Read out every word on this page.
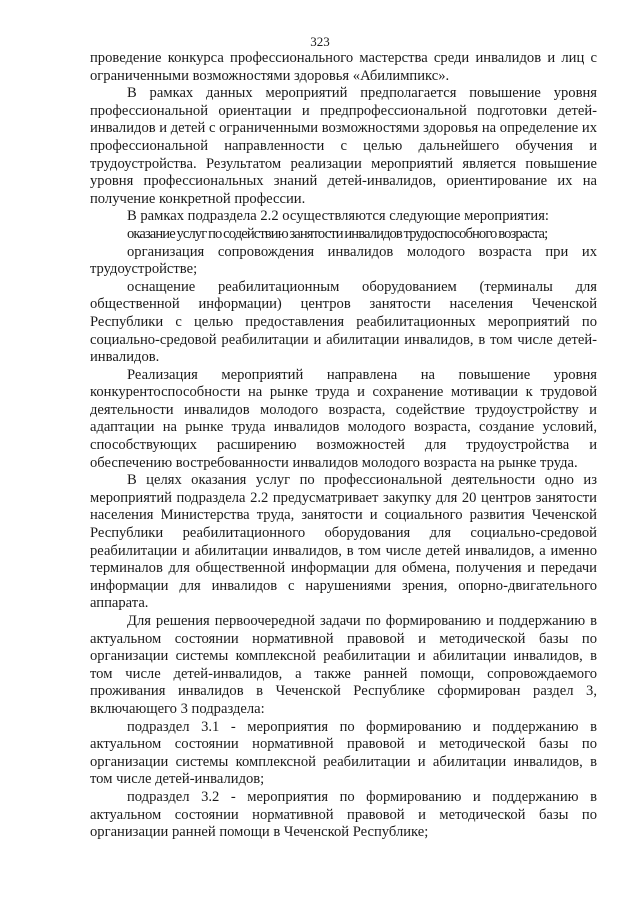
323

проведение конкурса профессионального мастерства среди инвалидов и лиц с ограниченными возможностями здоровья «Абилимпикс».

В рамках данных мероприятий предполагается повышение уровня профессиональной ориентации и предпрофессиональной подготовки детей-инвалидов и детей с ограниченными возможностями здоровья на определение их профессиональной направленности с целью дальнейшего обучения и трудоустройства. Результатом реализации мероприятий является повышение уровня профессиональных знаний детей-инвалидов, ориентирование их на получение конкретной профессии.

В рамках подраздела 2.2 осуществляются следующие мероприятия:

оказание услуг по содействию занятости инвалидов трудоспособного возраста;

организация сопровождения инвалидов молодого возраста при их трудоустройстве;

оснащение реабилитационным оборудованием (терминалы для общественной информации) центров занятости населения Чеченской Республики с целью предоставления реабилитационных мероприятий по социально-средовой реабилитации и абилитации инвалидов, в том числе детей-инвалидов.

Реализация мероприятий направлена на повышение уровня конкурентоспособности на рынке труда и сохранение мотивации к трудовой деятельности инвалидов молодого возраста, содействие трудоустройству и адаптации на рынке труда инвалидов молодого возраста, создание условий, способствующих расширению возможностей для трудоустройства и обеспечению востребованности инвалидов молодого возраста на рынке труда.

В целях оказания услуг по профессиональной деятельности одно из мероприятий подраздела 2.2 предусматривает закупку для 20 центров занятости населения Министерства труда, занятости и социального развития Чеченской Республики реабилитационного оборудования для социально-средовой реабилитации и абилитации инвалидов, в том числе детей инвалидов, а именно терминалов для общественной информации для обмена, получения и передачи информации для инвалидов с нарушениями зрения, опорно-двигательного аппарата.

Для решения первоочередной задачи по формированию и поддержанию в актуальном состоянии нормативной правовой и методической базы по организации системы комплексной реабилитации и абилитации инвалидов, в том числе детей-инвалидов, а также ранней помощи, сопровождаемого проживания инвалидов в Чеченской Республике сформирован раздел 3, включающего 3 подраздела:

подраздел 3.1 - мероприятия по формированию и поддержанию в актуальном состоянии нормативной правовой и методической базы по организации системы комплексной реабилитации и абилитации инвалидов, в том числе детей-инвалидов;

подраздел 3.2 - мероприятия по формированию и поддержанию в актуальном состоянии нормативной правовой и методической базы по организации ранней помощи в Чеченской Республике;
